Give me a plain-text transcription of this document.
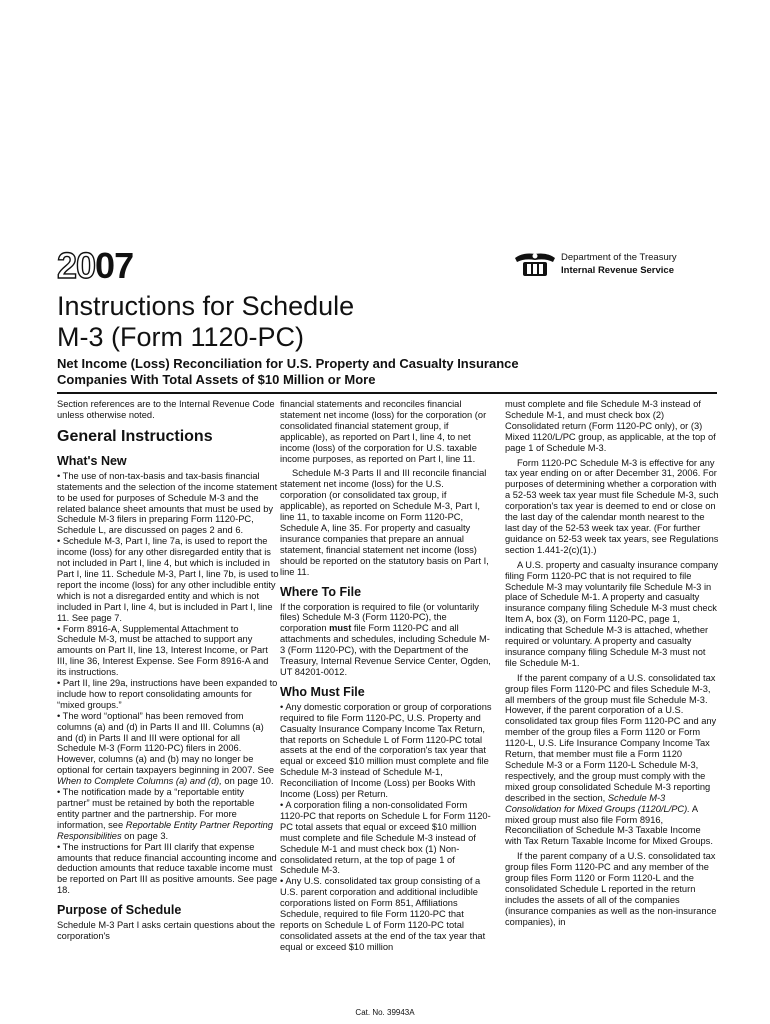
2007	Department of the Treasury
Internal Revenue Service
Instructions for Schedule
M-3 (Form 1120-PC)
Net Income (Loss) Reconciliation for U.S. Property and Casualty Insurance
Companies With Total Assets of $10 Million or More

Section references are to the Internal Revenue Code unless otherwise noted.

General Instructions
What's New

• The use of non-tax-basis and tax-basis financial statements and the selection of the income statement to be used for purposes of Schedule M-3 and the related balance sheet amounts that must be used by Schedule M-3 filers in preparing Form 1120-PC, Schedule L, are discussed on pages 2 and 6.

• Schedule M-3, Part I, line 7a, is used to report the income (loss) for any other disregarded entity that is not included in Part I, line 4, but which is included in Part I, line 11. Schedule M-3, Part I, line 7b, is used to report the income (loss) for any other includible entity which is not a disregarded entity and which is not included in Part I, line 4, but is included in Part I, line 11. See page 7.

• Form 8916-A, Supplemental Attachment to Schedule M-3, must be attached to support any amounts on Part II, line 13, Interest Income, or Part III, line 36, Interest Expense. See Form 8916-A and its instructions.

• Part II, line 29a, instructions have been expanded to include how to report consolidating amounts for “mixed groups.”

• The word “optional” has been removed from columns (a) and (d) in Parts II and III. Columns (a) and (d) in Parts II and III were optional for all Schedule M-3 (Form 1120-PC) filers in 2006. However, columns (a) and (b) may no longer be optional for certain taxpayers beginning in 2007. See When to Complete Columns (a) and (d), on page 10.

• The notification made by a “reportable entity partner” must be retained by both the reportable entity partner and the partnership. For more information, see Reportable Entity Partner Reporting Responsibilities on page 3.

• The instructions for Part III clarify that expense amounts that reduce financial accounting income and deduction amounts that reduce taxable income must be reported on Part III as positive amounts. See page 18.

Purpose of Schedule

Schedule M-3 Part I asks certain questions about the corporation's

financial statements and reconciles financial statement net income (loss) for the corporation (or consolidated financial statement group, if applicable), as reported on Part I, line 4, to net income (loss) of the corporation for U.S. taxable income purposes, as reported on Part I, line 11.

Schedule M-3 Parts II and III reconcile financial statement net income (loss) for the U.S. corporation (or consolidated tax group, if applicable), as reported on Schedule M-3, Part I, line 11, to taxable income on Form 1120-PC, Schedule A, line 35. For property and casualty insurance companies that prepare an annual statement, financial statement net income (loss) should be reported on the statutory basis on Part I, line 11.

Where To File

If the corporation is required to file (or voluntarily files) Schedule M-3 (Form 1120-PC), the corporation must file Form 1120-PC and all attachments and schedules, including Schedule M-3 (Form 1120-PC), with the Department of the Treasury, Internal Revenue Service Center, Ogden, UT 84201-0012.

Who Must File

• Any domestic corporation or group of corporations required to file Form 1120-PC, U.S. Property and Casualty Insurance Company Income Tax Return, that reports on Schedule L of Form 1120-PC total assets at the end of the corporation's tax year that equal or exceed $10 million must complete and file Schedule M-3 instead of Schedule M-1, Reconciliation of Income (Loss) per Books With Income (Loss) per Return.

• A corporation filing a non-consolidated Form 1120-PC that reports on Schedule L for Form 1120-PC total assets that equal or exceed $10 million must complete and file Schedule M-3 instead of Schedule M-1 and must check box (1) Non-consolidated return, at the top of page 1 of Schedule M-3.

• Any U.S. consolidated tax group consisting of a U.S. parent corporation and additional includible corporations listed on Form 851, Affiliations Schedule, required to file Form 1120-PC that reports on Schedule L of Form 1120-PC total consolidated assets at the end of the tax year that equal or exceed $10 million

must complete and file Schedule M-3 instead of Schedule M-1, and must check box (2) Consolidated return (Form 1120-PC only), or (3) Mixed 1120/L/PC group, as applicable, at the top of page 1 of Schedule M-3.

Form 1120-PC Schedule M-3 is effective for any tax year ending on or after December 31, 2006. For purposes of determining whether a corporation with a 52-53 week tax year must file Schedule M-3, such corporation's tax year is deemed to end or close on the last day of the calendar month nearest to the last day of the 52-53 week tax year. (For further guidance on 52-53 week tax years, see Regulations section 1.441-2(c)(1).)

A U.S. property and casualty insurance company filing Form 1120-PC that is not required to file Schedule M-3 may voluntarily file Schedule M-3 in place of Schedule M-1. A property and casualty insurance company filing Schedule M-3 must check Item A, box (3), on Form 1120-PC, page 1, indicating that Schedule M-3 is attached, whether required or voluntary. A property and casualty insurance company filing Schedule M-3 must not file Schedule M-1.

If the parent company of a U.S. consolidated tax group files Form 1120-PC and files Schedule M-3, all members of the group must file Schedule M-3. However, if the parent corporation of a U.S. consolidated tax group files Form 1120-PC and any member of the group files a Form 1120 or Form 1120-L, U.S. Life Insurance Company Income Tax Return, that member must file a Form 1120 Schedule M-3 or a Form 1120-L Schedule M-3, respectively, and the group must comply with the mixed group consolidated Schedule M-3 reporting described in the section, Schedule M-3 Consolidation for Mixed Groups (1120/L/PC). A mixed group must also file Form 8916, Reconciliation of Schedule M-3 Taxable Income with Tax Return Taxable Income for Mixed Groups.

If the parent company of a U.S. consolidated tax group files Form 1120-PC and any member of the group files Form 1120 or Form 1120-L and the consolidated Schedule L reported in the return includes the assets of all of the companies (insurance companies as well as the non-insurance companies), in

Cat. No. 39943A
